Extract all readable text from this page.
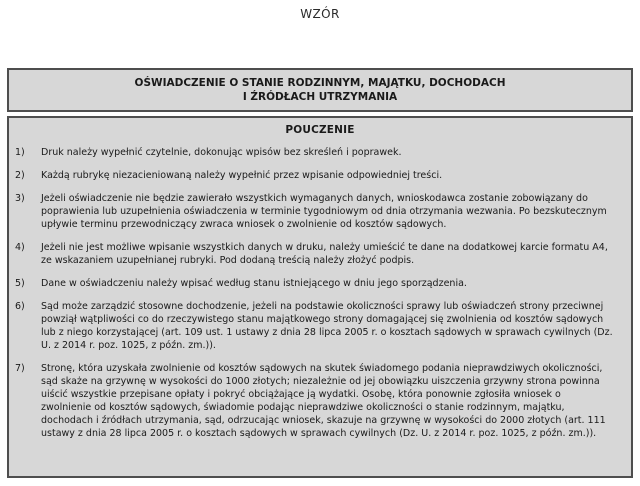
WZÓR
OŚWIADCZENIE O STANIE RODZINNYM, MAJĄTKU, DOCHODACH
I ŹRÓDŁACH UTRZYMANIA
POUCZENIE
1)	Druk należy wypełnić czytelnie, dokonując wpisów bez skreśleń i poprawek.
2)	Każdą rubrykę niezacieniowaną należy wypełnić przez wpisanie odpowiedniej treści.
3)	Jeżeli oświadczenie nie będzie zawierało wszystkich wymaganych danych, wnioskodawca zostanie zobowiązany do poprawienia lub uzupełnienia oświadczenia w terminie tygodniowym od dnia otrzymania wezwania. Po bezskutecznym upływie terminu przewodniczący zwraca wniosek o zwolnienie od kosztów sądowych.
4)	Jeżeli nie jest możliwe wpisanie wszystkich danych w druku, należy umieścić te dane na dodatkowej karcie formatu A4, ze wskazaniem uzupełnianej rubryki. Pod dodaną treścią należy złożyć podpis.
5)	Dane w oświadczeniu należy wpisać według stanu istniejącego w dniu jego sporządzenia.
6)	Sąd może zarządzić stosowne dochodzenie, jeżeli na podstawie okoliczności sprawy lub oświadczeń strony przeciwnej powziął wątpliwości co do rzeczywistego stanu majątkowego strony domagającej się zwolnienia od kosztów sądowych lub z niego korzystającej (art. 109 ust. 1 ustawy z dnia 28 lipca 2005 r. o kosztach sądowych w sprawach cywilnych (Dz. U. z 2014 r. poz. 1025, z późn. zm.)).
7)	Stronę, która uzyskała zwolnienie od kosztów sądowych na skutek świadomego podania nieprawdziwych okoliczności, sąd skaże na grzywnę w wysokości do 1000 złotych; niezależnie od jej obowiązku uiszczenia grzywny strona powinna uiścić wszystkie przepisane opłaty i pokryć obciążające ją wydatki. Osobę, która ponownie zgłosiła wniosek o zwolnienie od kosztów sądowych, świadomie podając nieprawdziwe okoliczności o stanie rodzinnym, majątku, dochodach i źródłach utrzymania, sąd, odrzucając wniosek, skazuje na grzywnę w wysokości do 2000 złotych (art. 111 ustawy z dnia 28 lipca 2005 r. o kosztach sądowych w sprawach cywilnych (Dz. U. z 2014 r. poz. 1025, z późn. zm.)).
